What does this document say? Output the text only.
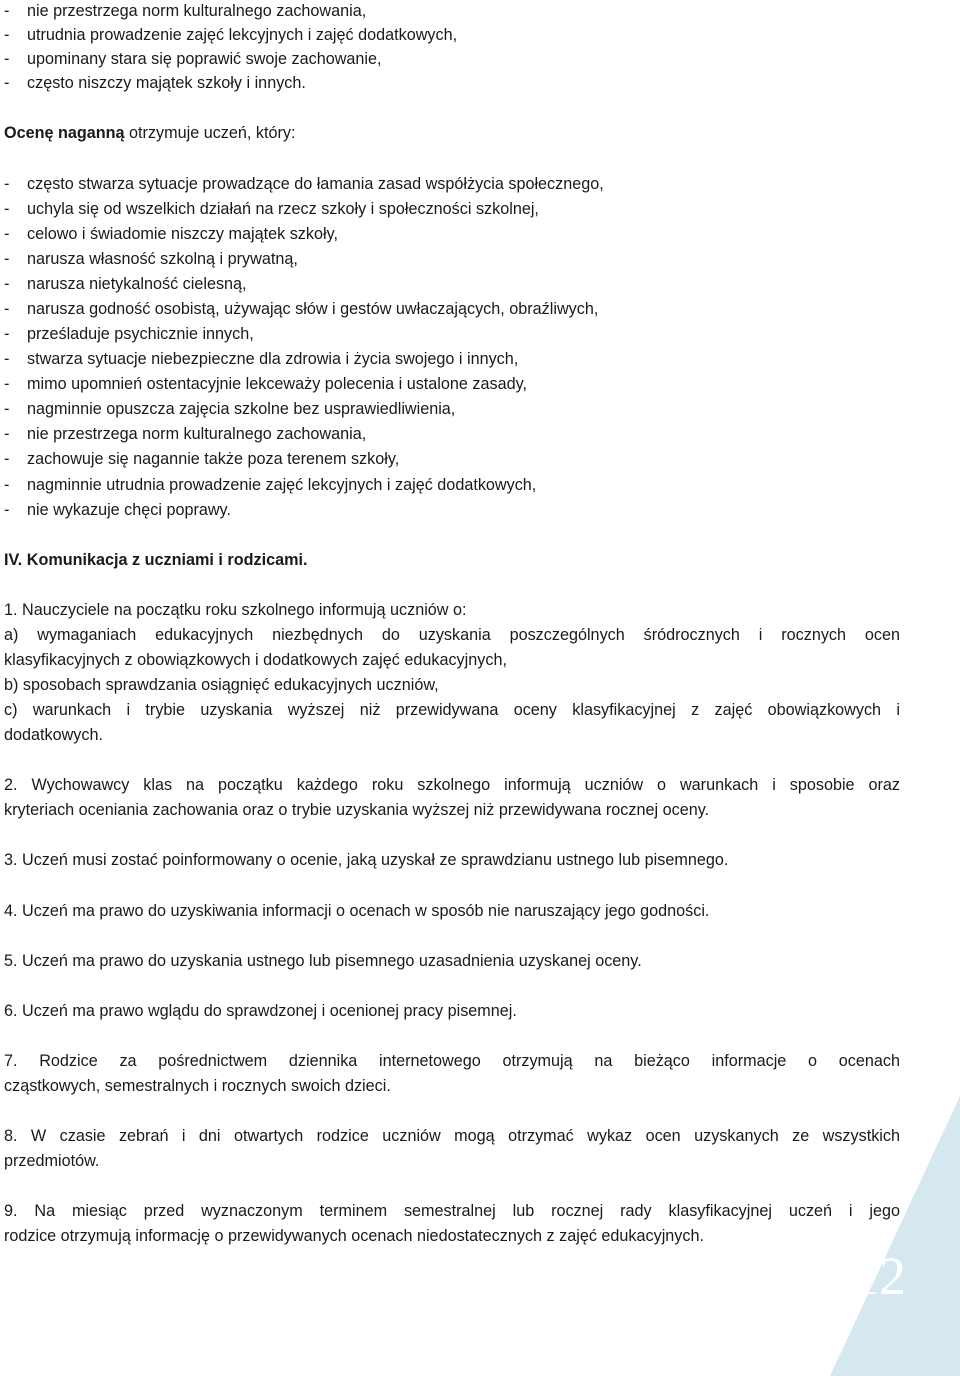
12
- nie przestrzega norm kulturalnego zachowania,
- utrudnia prowadzenie zajęć lekcyjnych i zajęć dodatkowych,
- upominany stara się poprawić swoje zachowanie,
- często niszczy majątek szkoły i innych.
Ocenę naganną otrzymuje uczeń, który:
- często stwarza sytuacje prowadzące do łamania zasad współżycia społecznego,
- uchyla się od wszelkich działań na rzecz szkoły i społeczności szkolnej,
- celowo i świadomie niszczy majątek szkoły,
- narusza własność szkolną i prywatną,
- narusza nietykalność cielesną,
- narusza godność osobistą, używając słów i gestów uwłaczających, obraźliwych,
- prześladuje psychicznie innych,
- stwarza sytuacje niebezpieczne dla zdrowia i życia swojego i innych,
- mimo upomnień ostentacyjnie lekceważy polecenia i ustalone zasady,
- nagminnie opuszcza zajęcia szkolne bez usprawiedliwienia,
- nie przestrzega norm kulturalnego zachowania,
- zachowuje się nagannie także poza terenem szkoły,
- nagminnie utrudnia prowadzenie zajęć lekcyjnych i zajęć dodatkowych,
- nie wykazuje chęci poprawy.
IV. Komunikacja z uczniami i rodzicami.
1. Nauczyciele na początku roku szkolnego informują uczniów o:
a) wymaganiach edukacyjnych niezbędnych do uzyskania poszczególnych śródrocznych i rocznych ocen
klasyfikacyjnych z obowiązkowych i dodatkowych zajęć edukacyjnych,
b) sposobach sprawdzania osiągnięć edukacyjnych uczniów,
c) warunkach i trybie uzyskania wyższej niż przewidywana oceny klasyfikacyjnej z zajęć obowiązkowych i
dodatkowych.
2. Wychowawcy klas na początku każdego roku szkolnego informują uczniów o warunkach i sposobie oraz
kryteriach oceniania zachowania oraz o trybie uzyskania wyższej niż przewidywana rocznej oceny.
3. Uczeń musi zostać poinformowany o ocenie, jaką uzyskał ze sprawdzianu ustnego lub pisemnego.
4. Uczeń ma prawo do uzyskiwania informacji o ocenach w sposób nie naruszający jego godności.
5. Uczeń ma prawo do uzyskania ustnego lub pisemnego uzasadnienia uzyskanej oceny.
6. Uczeń ma prawo wglądu do sprawdzonej i ocenionej pracy pisemnej.
7. Rodzice za pośrednictwem dziennika internetowego otrzymują na bieżąco informacje o ocenach
cząstkowych, semestralnych i rocznych swoich dzieci.
8. W czasie zebrań i dni otwartych rodzice uczniów mogą otrzymać wykaz ocen uzyskanych ze wszystkich
przedmiotów.
9. Na miesiąc przed wyznaczonym terminem semestralnej lub rocznej rady klasyfikacyjnej uczeń i jego
rodzice otrzymują informację o przewidywanych ocenach niedostatecznych z zajęć edukacyjnych.
